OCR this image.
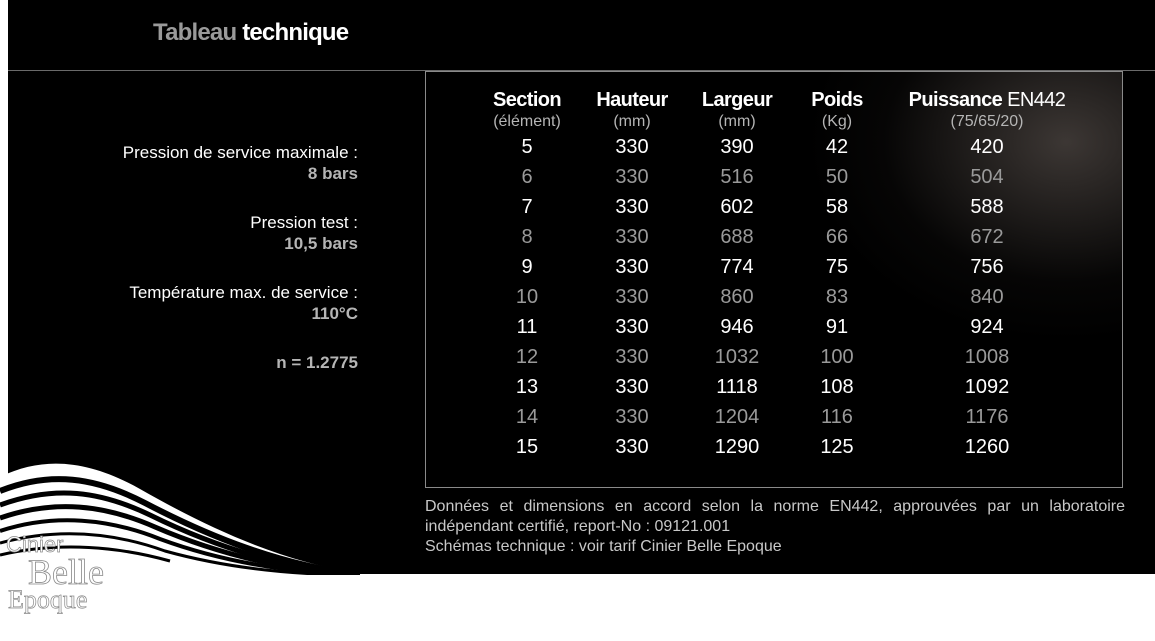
Tableau technique
Pression de service maximale :
8 bars
Pression test :
10,5 bars
Température max. de service :
110°C
n = 1.2775
Section	Hauteur	Largeur	Poids	Puissance EN442
(élément)	(mm)	(mm)	(Kg)	(75/65/20)
5	330	390	42	420
6	330	516	50	504
7	330	602	58	588
8	330	688	66	672
9	330	774	75	756
10	330	860	83	840
11	330	946	91	924
12	330	1032	100	1008
13	330	1118	108	1092
14	330	1204	116	1176
15	330	1290	125	1260
Données et dimensions en accord selon la norme EN442, approuvées par un laboratoire
indépendant certifié, report-No : 09121.001
Schémas technique : voir tarif Cinier Belle Epoque
Cinier
Belle
Epoque
